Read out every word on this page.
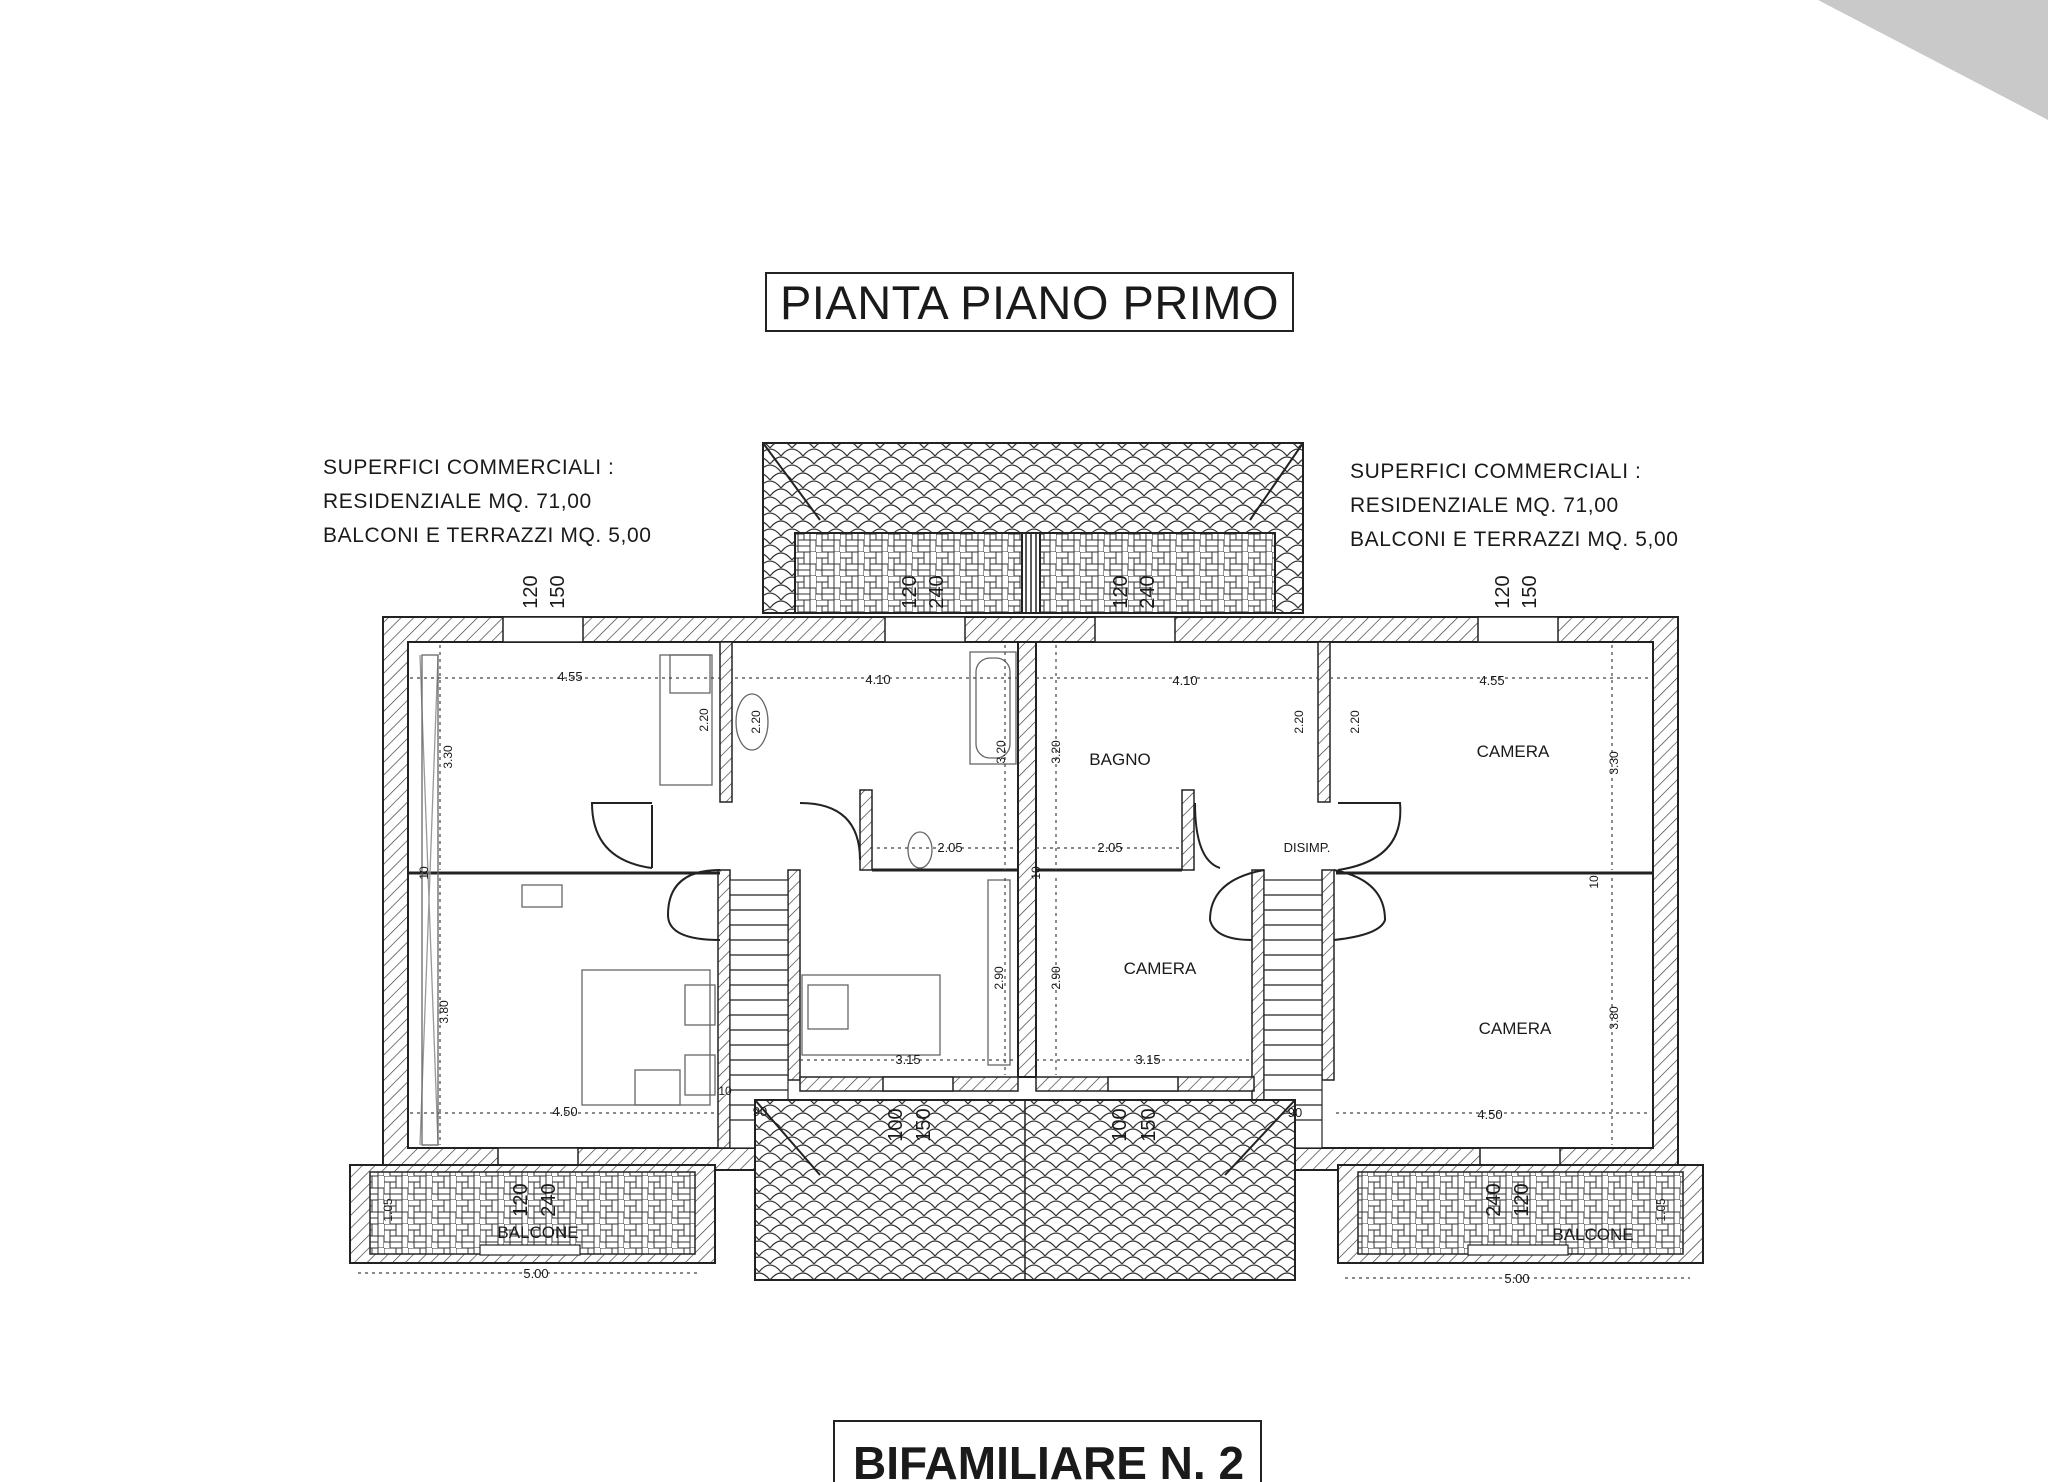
PIANTA PIANO PRIMO
SUPERFICI COMMERCIALI :
RESIDENZIALE MQ. 71,00
BALCONI E TERRAZZI MQ. 5,00
SUPERFICI COMMERCIALI :
RESIDENZIALE MQ. 71,00
BALCONI E TERRAZZI MQ. 5,00
BAGNO	CAMERA
CAMERA
CAMERA
DISIMP.
BALCONE	BALCONE
4.55	4.10	4.10	4.55
2.05	2.05
3.15	3.15
4.50	4.50
90	90
5.00	5.00
3.30
2.20	2.20
3.20	3.20
2.20	2.20
3.30
3.80
2.90	2.90
3.80
10	10
10
10
1.05	1.05
120 150	120 240	120 240	120 150
100 150	100 150
120 240	240 120
BIFAMILIARE N. 2
